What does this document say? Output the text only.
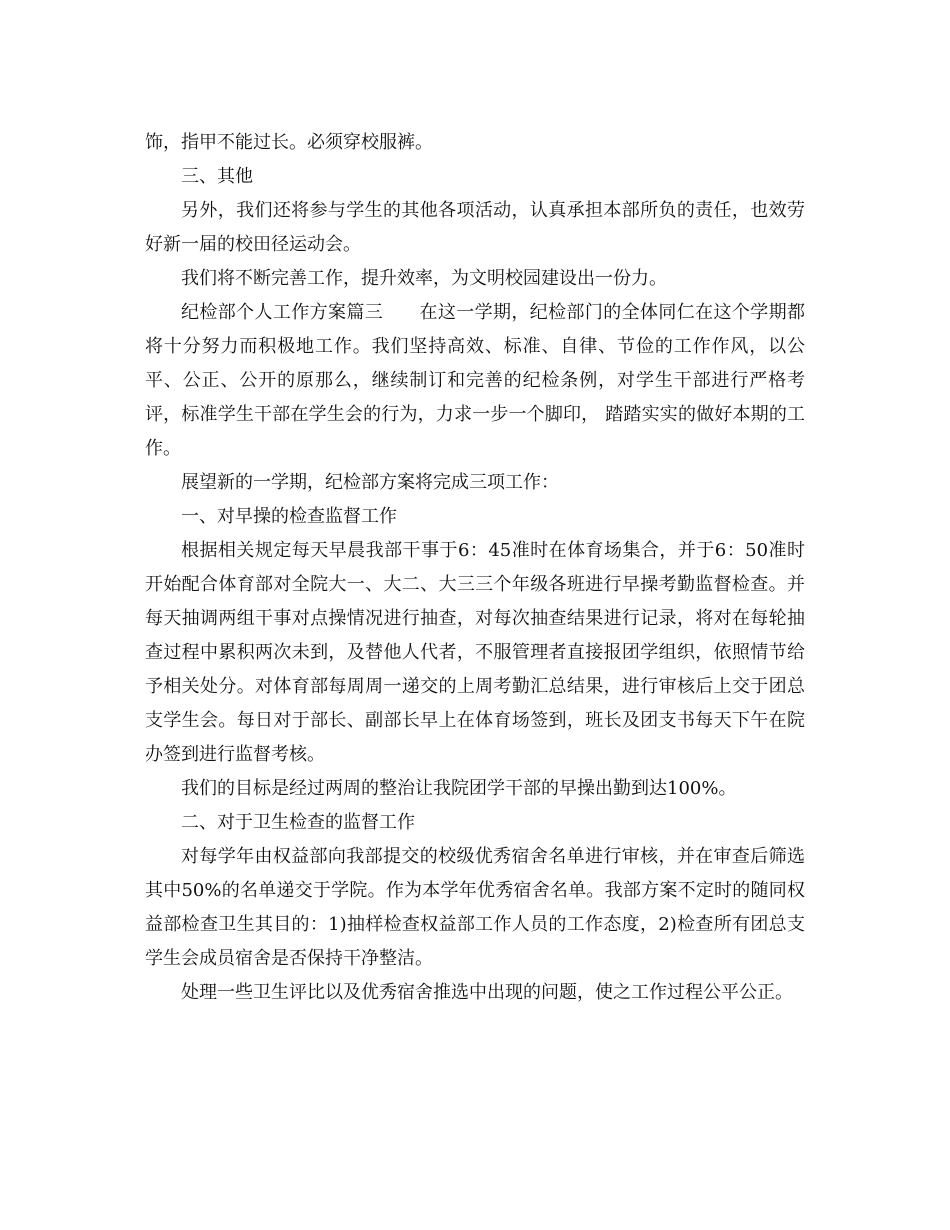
饰，指甲不能过长。必须穿校服裤。

三、其他

另外，我们还将参与学生的其他各项活动，认真承担本部所负的责任，也效劳好新一届的校田径运动会。

我们将不断完善工作，提升效率，为文明校园建设出一份力。

纪检部个人工作方案篇三 在这一学期，纪检部门的全体同仁在这个学期都将十分努力而积极地工作。我们坚持高效、标准、自律、节俭的工作作风，以公平、公正、公开的原那么，继续制订和完善的纪检条例，对学生干部进行严格考评，标准学生干部在学生会的行为，力求一步一个脚印， 踏踏实实的做好本期的工作。

展望新的一学期，纪检部方案将完成三项工作：

一、对早操的检查监督工作

根据相关规定每天早晨我部干事于6：45准时在体育场集合，并于6：50准时开始配合体育部对全院大一、大二、大三三个年级各班进行早操考勤监督检查。并每天抽调两组干事对点操情况进行抽查，对每次抽查结果进行记录，将对在每轮抽查过程中累积两次未到，及替他人代者，不服管理者直接报团学组织，依照情节给予相关处分。对体育部每周周一递交的上周考勤汇总结果，进行审核后上交于团总支学生会。每日对于部长、副部长早上在体育场签到，班长及团支书每天下午在院办签到进行监督考核。

我们的目标是经过两周的整治让我院团学干部的早操出勤到达100%。

二、对于卫生检查的监督工作

对每学年由权益部向我部提交的校级优秀宿舍名单进行审核，并在审查后筛选其中50%的名单递交于学院。作为本学年优秀宿舍名单。我部方案不定时的随同权益部检查卫生其目的：1)抽样检查权益部工作人员的工作态度，2)检查所有团总支学生会成员宿舍是否保持干净整洁。

处理一些卫生评比以及优秀宿舍推选中出现的问题，使之工作过程公平公正。
